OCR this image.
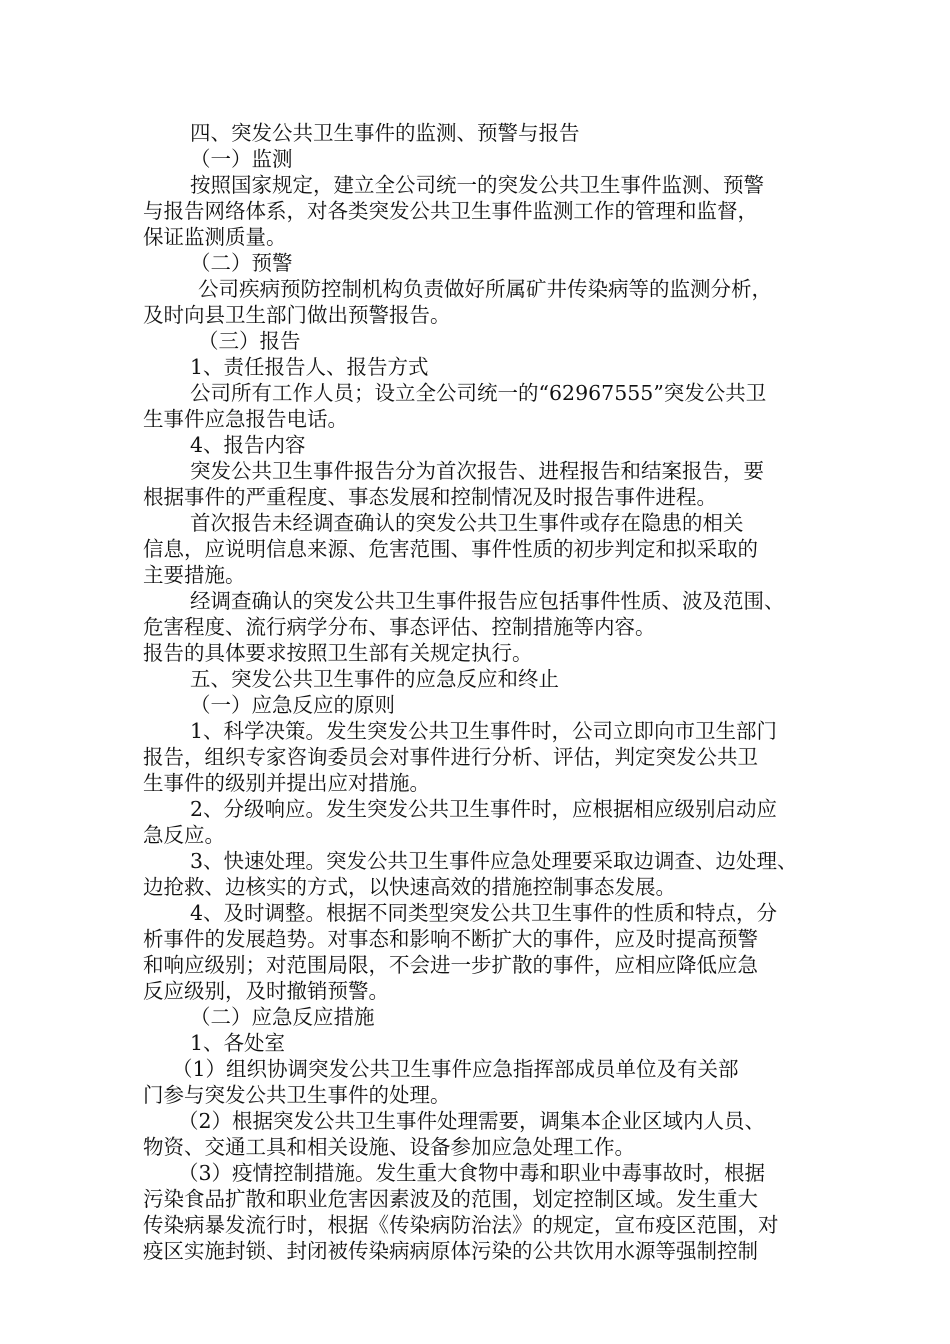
四、突发公共卫生事件的监测、预警与报告
（一）监测
按照国家规定，建立全公司统一的突发公共卫生事件监测、预警
与报告网络体系，对各类突发公共卫生事件监测工作的管理和监督，
保证监测质量。
（二）预警
公司疾病预防控制机构负责做好所属矿井传染病等的监测分析，
及时向县卫生部门做出预警报告。
（三）报告
1、责任报告人、报告方式
公司所有工作人员；设立全公司统一的“62967555”突发公共卫
生事件应急报告电话。
4、报告内容
突发公共卫生事件报告分为首次报告、进程报告和结案报告，要
根据事件的严重程度、事态发展和控制情况及时报告事件进程。
首次报告未经调查确认的突发公共卫生事件或存在隐患的相关
信息，应说明信息来源、危害范围、事件性质的初步判定和拟采取的
主要措施。
经调查确认的突发公共卫生事件报告应包括事件性质、波及范围、
危害程度、流行病学分布、事态评估、控制措施等内容。
报告的具体要求按照卫生部有关规定执行。
五、突发公共卫生事件的应急反应和终止
（一）应急反应的原则
1、科学决策。发生突发公共卫生事件时，公司立即向市卫生部门
报告，组织专家咨询委员会对事件进行分析、评估，判定突发公共卫
生事件的级别并提出应对措施。
2、分级响应。发生突发公共卫生事件时，应根据相应级别启动应
急反应。
3、快速处理。突发公共卫生事件应急处理要采取边调查、边处理、
边抢救、边核实的方式，以快速高效的措施控制事态发展。
4、及时调整。根据不同类型突发公共卫生事件的性质和特点，分
析事件的发展趋势。对事态和影响不断扩大的事件，应及时提高预警
和响应级别；对范围局限，不会进一步扩散的事件，应相应降低应急
反应级别，及时撤销预警。
（二）应急反应措施
1、各处室
（1）组织协调突发公共卫生事件应急指挥部成员单位及有关部
门参与突发公共卫生事件的处理。
（2）根据突发公共卫生事件处理需要，调集本企业区域内人员、
物资、交通工具和相关设施、设备参加应急处理工作。
（3）疫情控制措施。发生重大食物中毒和职业中毒事故时，根据
污染食品扩散和职业危害因素波及的范围，划定控制区域。发生重大
传染病暴发流行时，根据《传染病防治法》的规定，宣布疫区范围，对
疫区实施封锁、封闭被传染病病原体污染的公共饮用水源等强制控制
